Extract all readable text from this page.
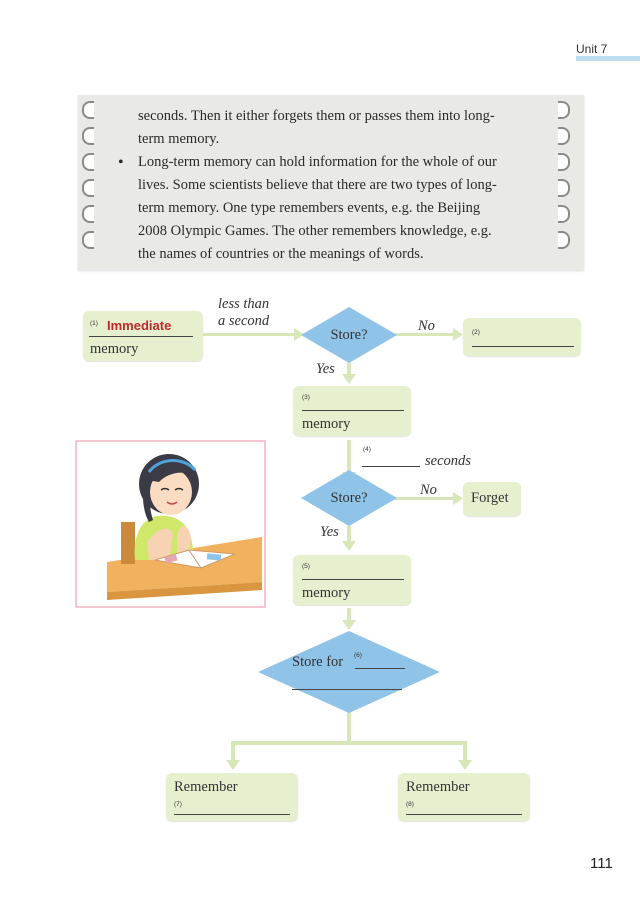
Unit 7

seconds. Then it either forgets them or passes them into long-

term memory.

• Long-term memory can hold information for the whole of our

lives. Some scientists believe that there are two types of long-

term memory. One type remembers events, e.g. the Beijing

2008 Olympic Games. The other remembers knowledge, e.g.

the names of countries or the meanings of words.

(1) Immediate
memory
less than
a second
Store?
No	(2)
Yes
(3)
memory
(4)
seconds
Store?	No Forget
Yes
(5)
memory
Store for (6)
Remember
(7)
Remember
(8)
111
